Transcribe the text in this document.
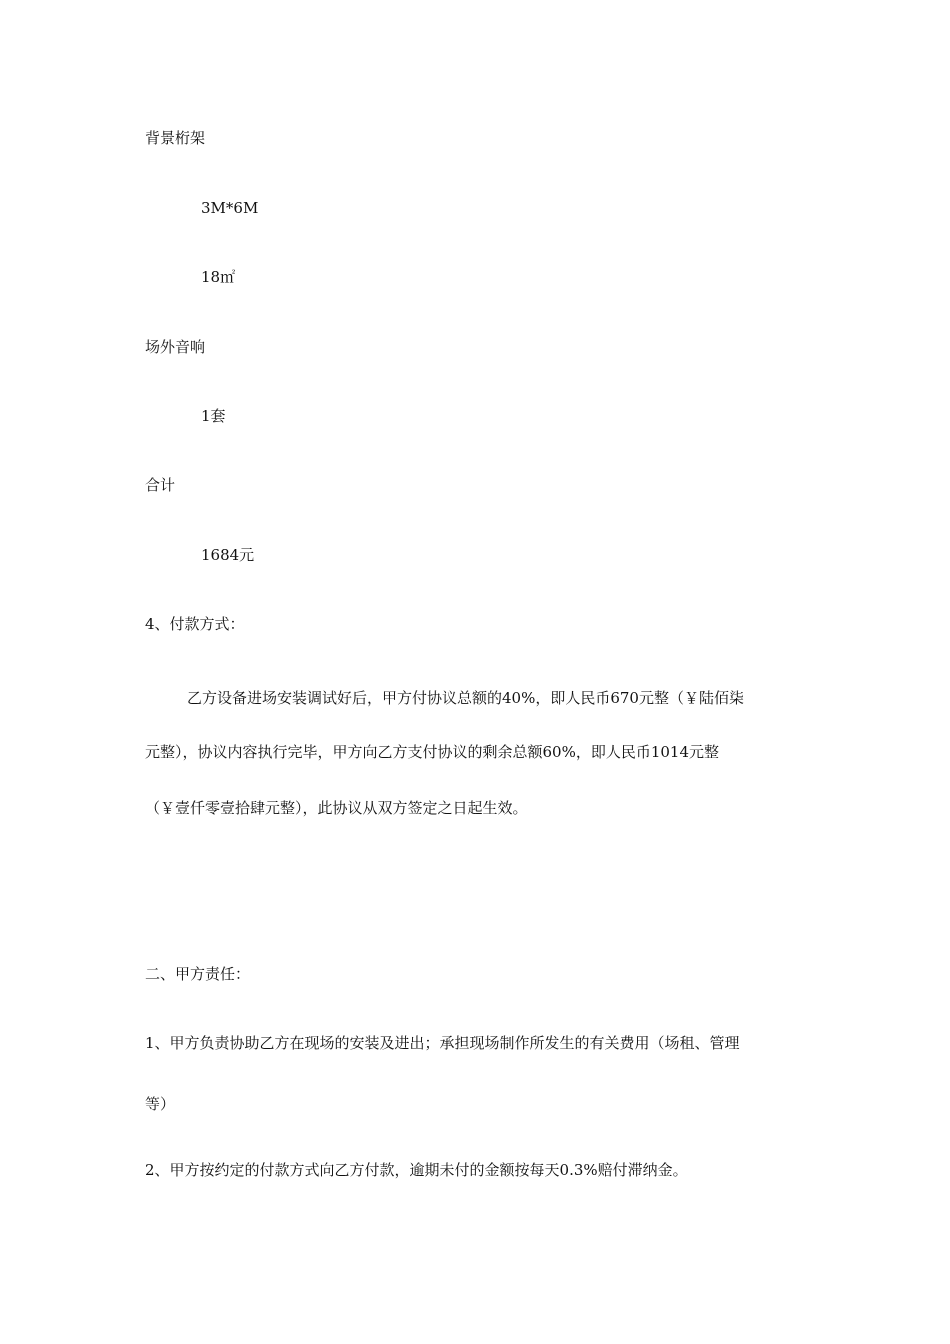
背景桁架

3M*6M

18㎡

场外音响

1套

合计

1684元

4、付款方式：

乙方设备进场安装调试好后，甲方付协议总额的40%，即人民币670元整（￥陆佰柒

元整），协议内容执行完毕，甲方向乙方支付协议的剩余总额60%，即人民币1014元整

（￥壹仟零壹拾肆元整），此协议从双方签定之日起生效。

二、甲方责任：

1、甲方负责协助乙方在现场的安装及进出；承担现场制作所发生的有关费用（场租、管理

等）

2、甲方按约定的付款方式向乙方付款，逾期未付的金额按每天0.3%赔付滞纳金。
